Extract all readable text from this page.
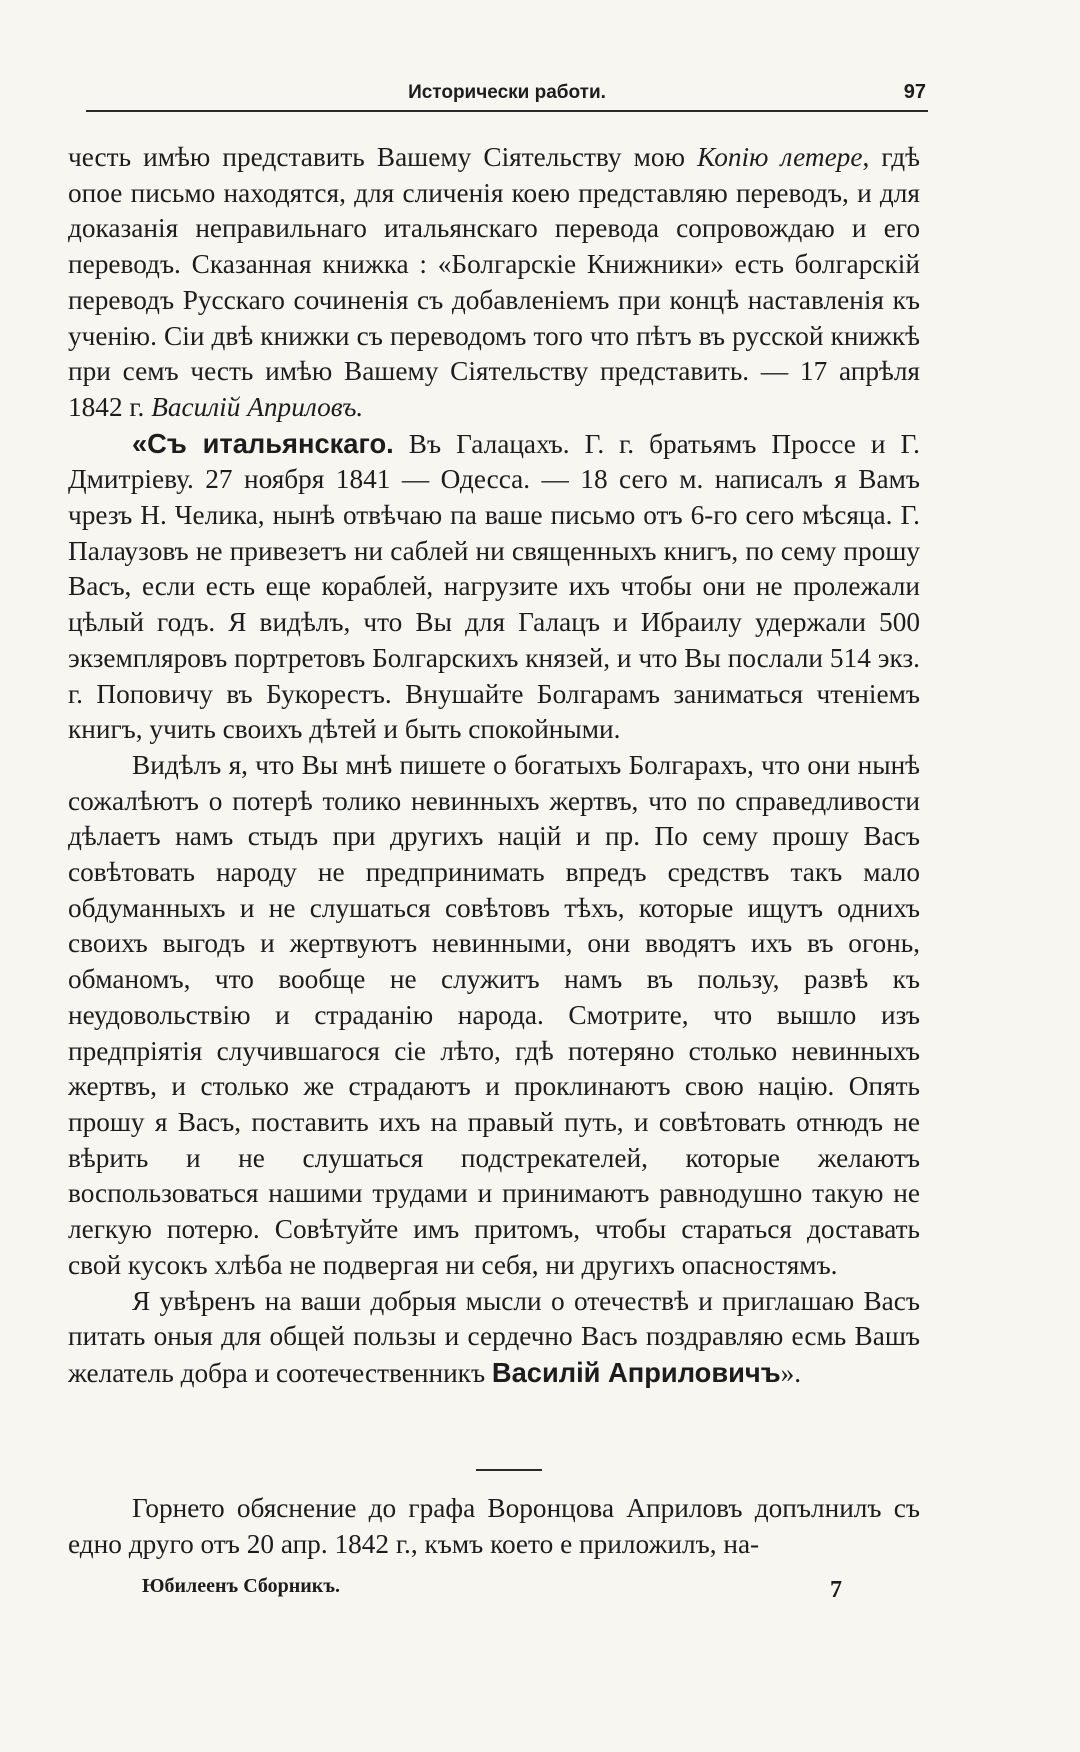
Исторически работи.	97

честь имѣю представить Вашему Сіятельству мою Копію летере, гдѣ опое письмо находятся, для сличенія коею представляю переводъ, и для доказанія неправильнаго итальянскаго перевода сопровождаю и его переводъ. Сказанная книжка : «Болгарскіе Книжники» есть болгарскій переводъ Русскаго сочиненія съ добавленіемъ при концѣ наставленія къ ученію. Сіи двѣ книжки съ переводомъ того что пѣтъ въ русской книжкѣ при семъ честь имѣю Вашему Сіятельству представить. — 17 апрѣля 1842 г. Василій Априловъ.

«Съ итальянскаго. Въ Галацахъ. Г. г. братьямъ Проссе и Г. Дмитріеву. 27 ноября 1841 — Одесса. — 18 сего м. написалъ я Вамъ чрезъ Н. Челика, нынѣ отвѣчаю па ваше письмо отъ 6-го сего мѣсяца. Г. Палаузовъ не привезетъ ни саблей ни священныхъ книгъ, по сему прошу Васъ, если есть еще кораблей, нагрузите ихъ чтобы они не пролежали цѣлый годъ. Я видѣлъ, что Вы для Галацъ и Ибраилу удержали 500 экземпляровъ портретовъ Болгарскихъ князей, и что Вы послали 514 экз. г. Поповичу въ Букорестъ. Внушайте Болгарамъ заниматься чтеніемъ книгъ, учить своихъ дѣтей и быть спокойными.

Видѣлъ я, что Вы мнѣ пишете о богатыхъ Болгарахъ, что они нынѣ сожалѣютъ о потерѣ толико невинныхъ жертвъ, что по справедливости дѣлаетъ намъ стыдъ при другихъ націй и пр. По сему прошу Васъ совѣтовать народу не предпринимать впредъ средствъ такъ мало обдуманныхъ и не слушаться совѣтовъ тѣхъ, которые ищутъ однихъ своихъ выгодъ и жертвуютъ невинными, они вводятъ ихъ въ огонь, обманомъ, что вообще не служитъ намъ въ пользу, развѣ къ неудовольствію и страданію народа. Смотрите, что вышло изъ предпріятія случившагося сіе лѣто, гдѣ потеряно столько невинныхъ жертвъ, и столько же страдаютъ и проклинаютъ свою націю. Опять прошу я Васъ, поставить ихъ на правый путь, и совѣтовать отнюдъ не вѣрить и не слушаться подстрекателей, которые желаютъ воспользоваться нашими трудами и принимаютъ равнодушно такую не легкую потерю. Совѣтуйте имъ притомъ, чтобы стараться доставать свой кусокъ хлѣба не подвергая ни себя, ни другихъ опасностямъ.

Я увѣренъ на ваши добрыя мысли о отечествѣ и приглашаю Васъ питать оныя для общей пользы и сердечно Васъ поздравляю есмь Вашъ желатель добра и соотечественникъ Василій Априловичъ».

Горнето обяснение до графа Воронцова Априловъ допълнилъ съ едно друго отъ 20 апр. 1842 г., къмъ което е приложилъ, на-

Юбилеенъ Сборникъ.	7
